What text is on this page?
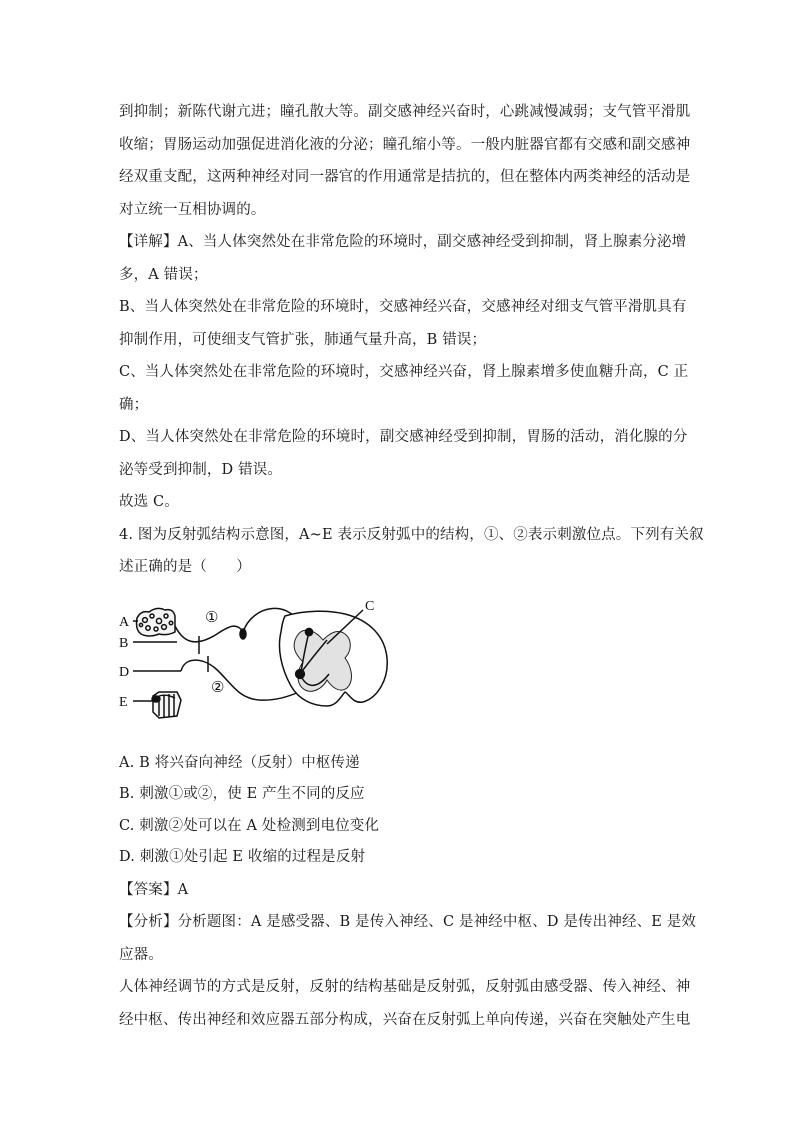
到抑制；新陈代谢亢进；瞳孔散大等。副交感神经兴奋时，心跳减慢减弱；支气管平滑肌
收缩；胃肠运动加强促进消化液的分泌；瞳孔缩小等。一般内脏器官都有交感和副交感神
经双重支配，这两种神经对同一器官的作用通常是拮抗的，但在整体内两类神经的活动是
对立统一互相协调的。
【详解】A、当人体突然处在非常危险的环境时，副交感神经受到抑制，肾上腺素分泌增
多，A 错误；
B、当人体突然处在非常危险的环境时，交感神经兴奋，交感神经对细支气管平滑肌具有
抑制作用，可使细支气管扩张，肺通气量升高，B 错误；
C、当人体突然处在非常危险的环境时，交感神经兴奋，肾上腺素增多使血糖升高，C 正
确；
D、当人体突然处在非常危险的环境时，副交感神经受到抑制，胃肠的活动，消化腺的分
泌等受到抑制，D 错误。
故选 C。
4. 图为反射弧结构示意图，A~E 表示反射弧中的结构，①、②表示刺激位点。下列有关叙
述正确的是（　　）
A
B
D
E
C
①
②
A. B 将兴奋向神经（反射）中枢传递
B. 刺激①或②，使 E 产生不同的反应
C. 刺激②处可以在 A 处检测到电位变化
D. 刺激①处引起 E 收缩的过程是反射
【答案】A
【分析】分析题图：A 是感受器、B 是传入神经、C 是神经中枢、D 是传出神经、E 是效
应器。
人体神经调节的方式是反射，反射的结构基础是反射弧，反射弧由感受器、传入神经、神
经中枢、传出神经和效应器五部分构成，兴奋在反射弧上单向传递，兴奋在突触处产生电
